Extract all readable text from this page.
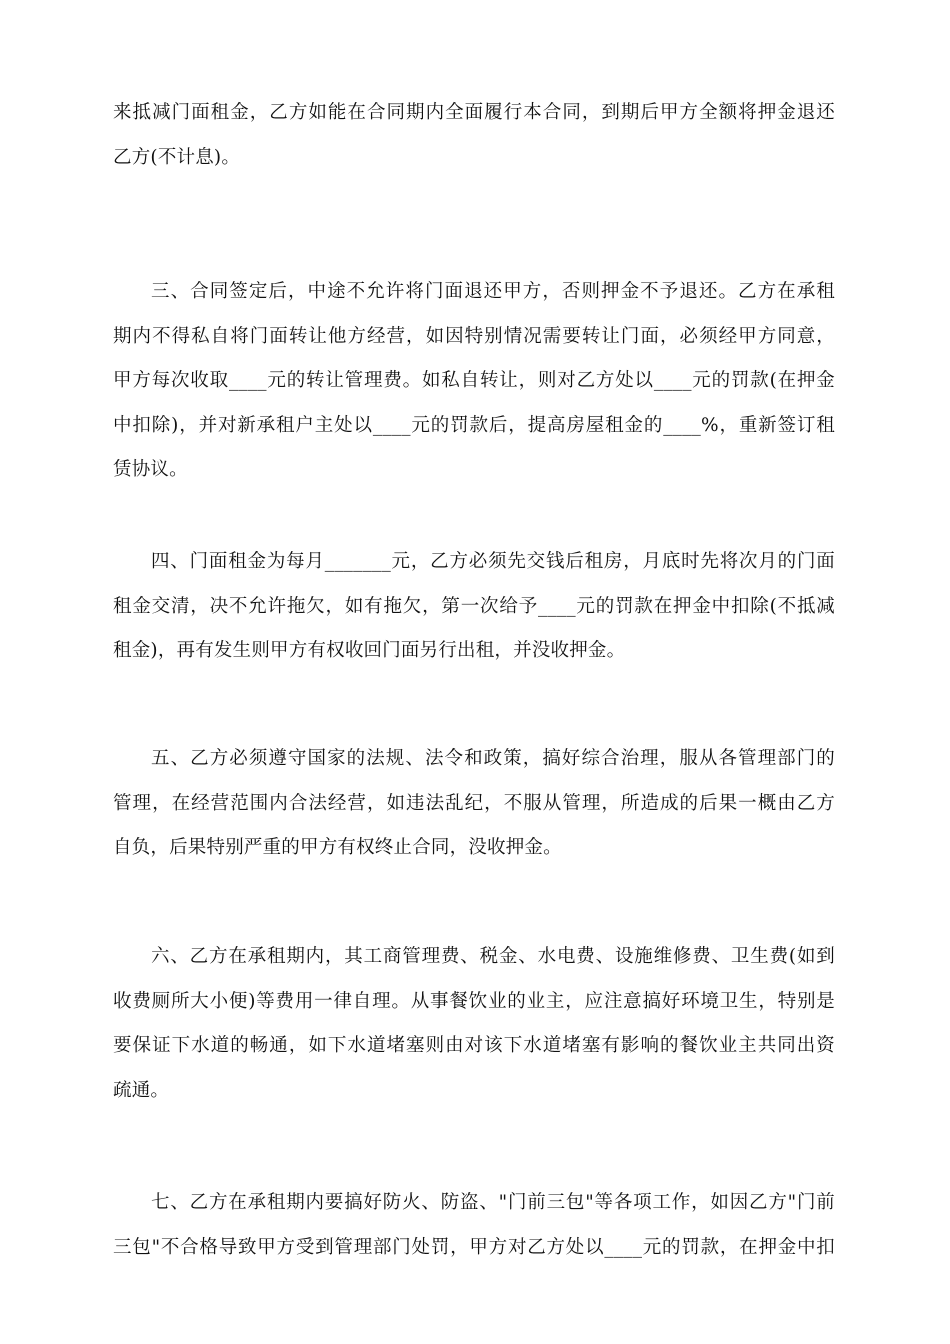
来抵减门面租金，乙方如能在合同期内全面履行本合同，到期后甲方全额将押金退还
乙方(不计息)。

三、合同签定后，中途不允许将门面退还甲方，否则押金不予退还。乙方在承租
期内不得私自将门面转让他方经营，如因特别情况需要转让门面，必须经甲方同意，
甲方每次收取____元的转让管理费。如私自转让，则对乙方处以____元的罚款(在押金
中扣除)，并对新承租户主处以____元的罚款后，提高房屋租金的____%，重新签订租
赁协议。

四、门面租金为每月_______元，乙方必须先交钱后租房，月底时先将次月的门面
租金交清，决不允许拖欠，如有拖欠，第一次给予____元的罚款在押金中扣除(不抵减
租金)，再有发生则甲方有权收回门面另行出租，并没收押金。

五、乙方必须遵守国家的法规、法令和政策，搞好综合治理，服从各管理部门的
管理，在经营范围内合法经营，如违法乱纪，不服从管理，所造成的后果一概由乙方
自负，后果特别严重的甲方有权终止合同，没收押金。

六、乙方在承租期内，其工商管理费、税金、水电费、设施维修费、卫生费(如到
收费厕所大小便)等费用一律自理。从事餐饮业的业主，应注意搞好环境卫生，特别是
要保证下水道的畅通，如下水道堵塞则由对该下水道堵塞有影响的餐饮业主共同出资
疏通。

七、乙方在承租期内要搞好防火、防盗、"门前三包"等各项工作，如因乙方"门前
三包"不合格导致甲方受到管理部门处罚，甲方对乙方处以____元的罚款，在押金中扣
